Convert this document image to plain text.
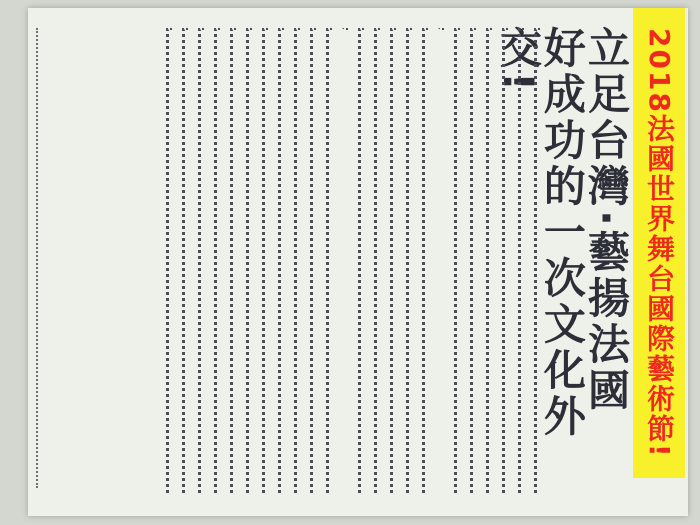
2018法國世界舞台國際藝術節!
立足台灣·藝揚法國　好成功的一次文化外交!
